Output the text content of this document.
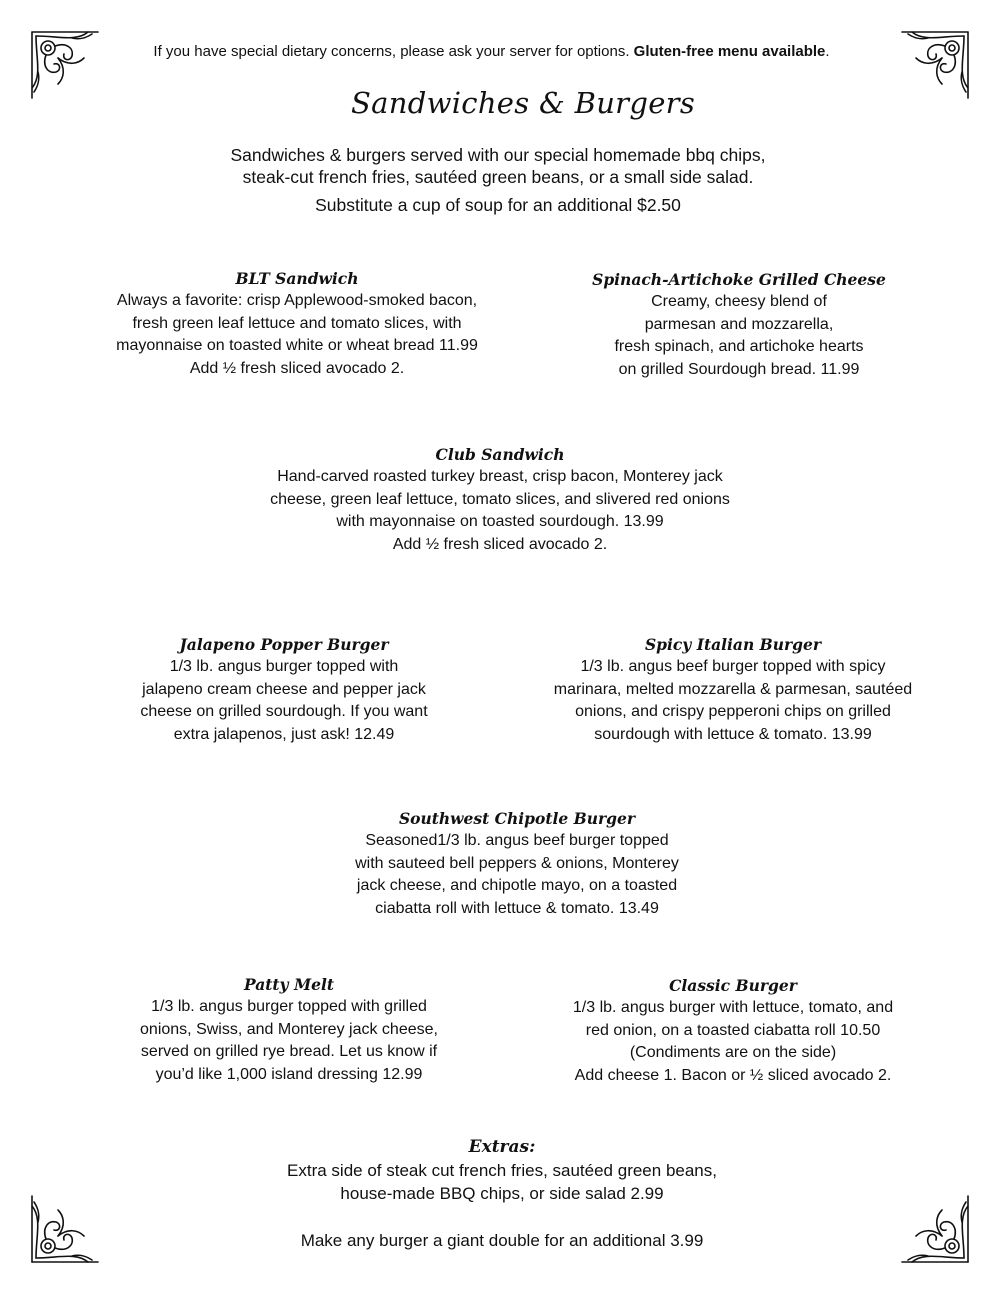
If you have special dietary concerns, please ask your server for options. Gluten-free menu available.
Sandwiches & Burgers
Sandwiches & burgers served with our special homemade bbq chips,
steak-cut french fries, sautéed green beans, or a small side salad.
Substitute a cup of soup for an additional $2.50
BLT Sandwich
Always a favorite: crisp Applewood-smoked bacon,
fresh green leaf lettuce and tomato slices, with
mayonnaise on toasted white or wheat bread 11.99
Add ½ fresh sliced avocado 2.
Spinach-Artichoke Grilled Cheese
Creamy, cheesy blend of
parmesan and mozzarella,
fresh spinach, and artichoke hearts
on grilled Sourdough bread. 11.99
Club Sandwich
Hand-carved roasted turkey breast, crisp bacon, Monterey jack
cheese, green leaf lettuce, tomato slices, and slivered red onions
with mayonnaise on toasted sourdough. 13.99
Add ½ fresh sliced avocado 2.
Jalapeno Popper Burger
1/3 lb. angus burger topped with
jalapeno cream cheese and pepper jack
cheese on grilled sourdough. If you want
extra jalapenos, just ask! 12.49
Spicy Italian Burger
1/3 lb. angus beef burger topped with spicy
marinara, melted mozzarella & parmesan, sautéed
onions, and crispy pepperoni chips on grilled
sourdough with lettuce & tomato. 13.99
Southwest Chipotle Burger
Seasoned1/3 lb. angus beef burger topped
with sauteed bell peppers & onions, Monterey
jack cheese, and chipotle mayo, on a toasted
ciabatta roll with lettuce & tomato. 13.49
Patty Melt
1/3 lb. angus burger topped with grilled
onions, Swiss, and Monterey jack cheese,
served on grilled rye bread. Let us know if
you’d like 1,000 island dressing 12.99
Classic Burger
1/3 lb. angus burger with lettuce, tomato, and
red onion, on a toasted ciabatta roll 10.50
(Condiments are on the side)
Add cheese 1. Bacon or ½ sliced avocado 2.
Extras:
Extra side of steak cut french fries, sautéed green beans,
house-made BBQ chips, or side salad 2.99
Make any burger a giant double for an additional 3.99
